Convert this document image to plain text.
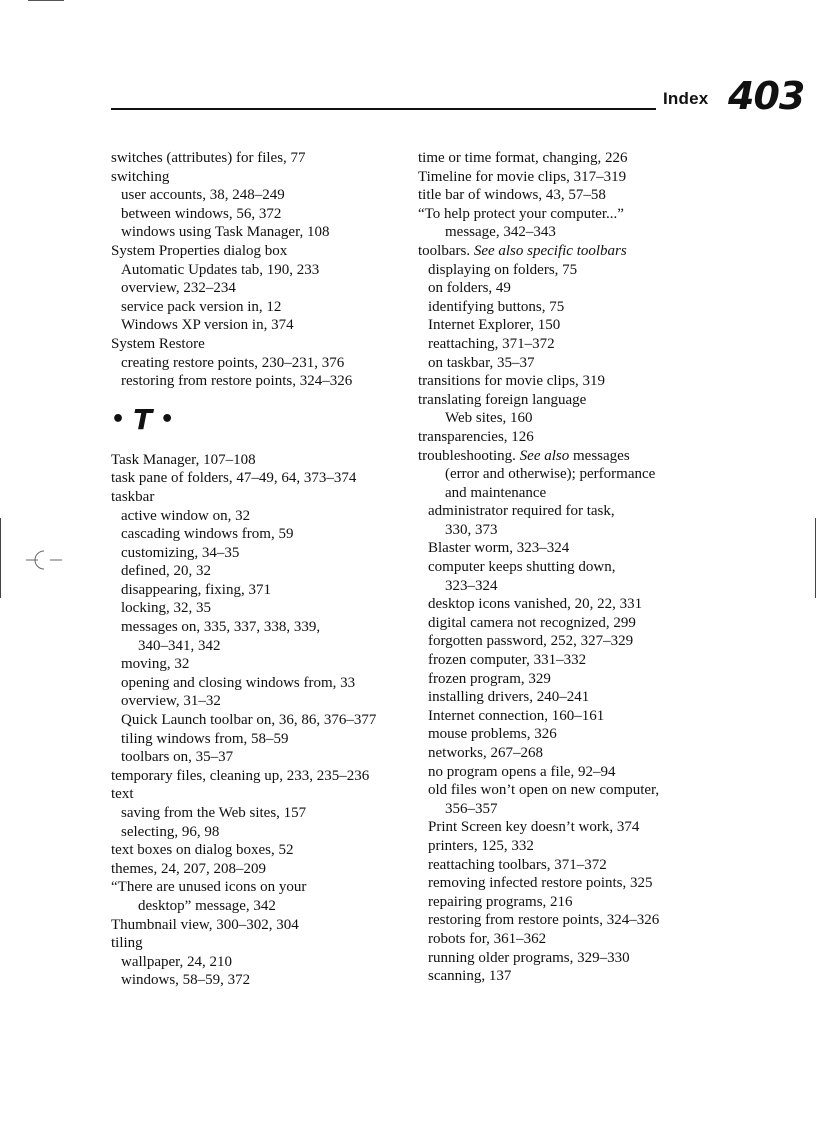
Index 403
switches (attributes) for files, 77
switching
user accounts, 38, 248–249
between windows, 56, 372
windows using Task Manager, 108
System Properties dialog box
Automatic Updates tab, 190, 233
overview, 232–234
service pack version in, 12
Windows XP version in, 374
System Restore
creating restore points, 230–231, 376
restoring from restore points, 324–326
• T •
Task Manager, 107–108
task pane of folders, 47–49, 64, 373–374
taskbar
active window on, 32
cascading windows from, 59
customizing, 34–35
defined, 20, 32
disappearing, fixing, 371
locking, 32, 35
messages on, 335, 337, 338, 339,
340–341, 342
moving, 32
opening and closing windows from, 33
overview, 31–32
Quick Launch toolbar on, 36, 86, 376–377
tiling windows from, 58–59
toolbars on, 35–37
temporary files, cleaning up, 233, 235–236
text
saving from the Web sites, 157
selecting, 96, 98
text boxes on dialog boxes, 52
themes, 24, 207, 208–209
“There are unused icons on your
desktop” message, 342
Thumbnail view, 300–302, 304
tiling
wallpaper, 24, 210
windows, 58–59, 372
time or time format, changing, 226
Timeline for movie clips, 317–319
title bar of windows, 43, 57–58
“To help protect your computer...”
message, 342–343
toolbars. See also specific toolbars
displaying on folders, 75
on folders, 49
identifying buttons, 75
Internet Explorer, 150
reattaching, 371–372
on taskbar, 35–37
transitions for movie clips, 319
translating foreign language
Web sites, 160
transparencies, 126
troubleshooting. See also messages
(error and otherwise); performance
and maintenance
administrator required for task,
330, 373
Blaster worm, 323–324
computer keeps shutting down,
323–324
desktop icons vanished, 20, 22, 331
digital camera not recognized, 299
forgotten password, 252, 327–329
frozen computer, 331–332
frozen program, 329
installing drivers, 240–241
Internet connection, 160–161
mouse problems, 326
networks, 267–268
no program opens a file, 92–94
old files won’t open on new computer,
356–357
Print Screen key doesn’t work, 374
printers, 125, 332
reattaching toolbars, 371–372
removing infected restore points, 325
repairing programs, 216
restoring from restore points, 324–326
robots for, 361–362
running older programs, 329–330
scanning, 137
